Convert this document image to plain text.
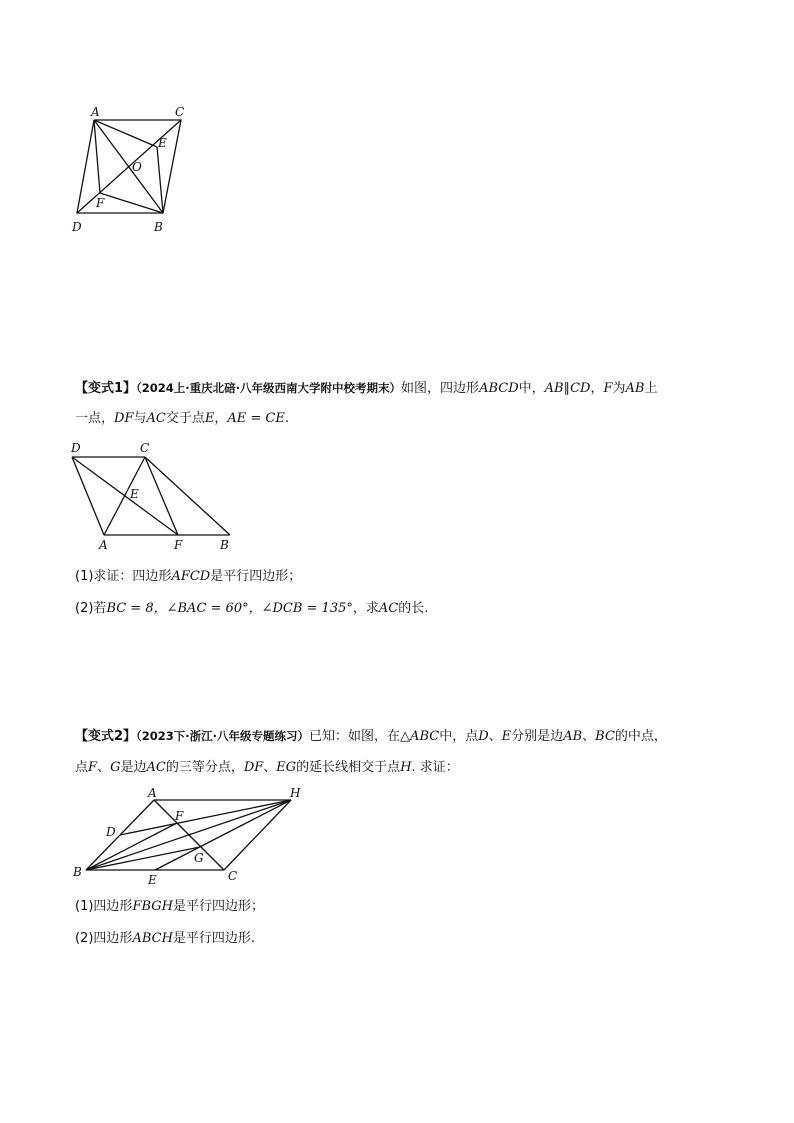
A	C
E
O
F
D	B
【变式1】（2024上·重庆北碚·八年级西南大学附中校考期末）如图，四边形ABCD中，AB∥CD，F为AB上
一点，DF与AC交于点E，AE = CE.
D	C
E
A	F	B
(1)求证：四边形AFCD是平行四边形；
(2)若BC = 8，∠BAC = 60°，∠DCB = 135°，求AC的长.
【变式2】（2023下·浙江·八年级专题练习）已知：如图，在△ABC中，点D、E分别是边AB、BC的中点，
点F、G是边AC的三等分点，DF、EG的延长线相交于点H. 求证：
A	H
F
D
G
B
E	C
(1)四边形FBGH是平行四边形；
(2)四边形ABCH是平行四边形.
